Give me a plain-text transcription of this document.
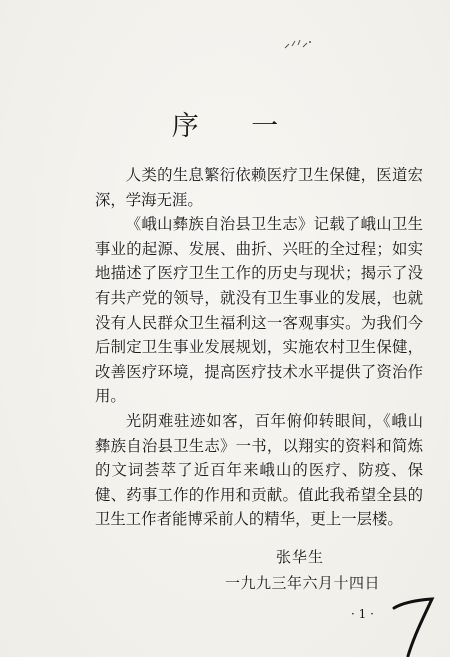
序 一

人类的生息繁衍依赖医疗卫生保健，医道宏深，学海无涯。

《峨山彝族自治县卫生志》记载了峨山卫生事业的起源、发展、曲折、兴旺的全过程；如实地描述了医疗卫生工作的历史与现状；揭示了没有共产党的领导，就没有卫生事业的发展，也就没有人民群众卫生福利这一客观事实。为我们今后制定卫生事业发展规划，实施农村卫生保健，改善医疗环境，提高医疗技术水平提供了资治作用。

光阴难驻迹如客，百年俯仰转眼间，《峨山彝族自治县卫生志》一书，以翔实的资料和简炼的文词荟萃了近百年来峨山的医疗、防疫、保健、药事工作的作用和贡献。值此我希望全县的卫生工作者能博采前人的精华，更上一层楼。

张华生
一九九三年六月十四日
· 1 ·
